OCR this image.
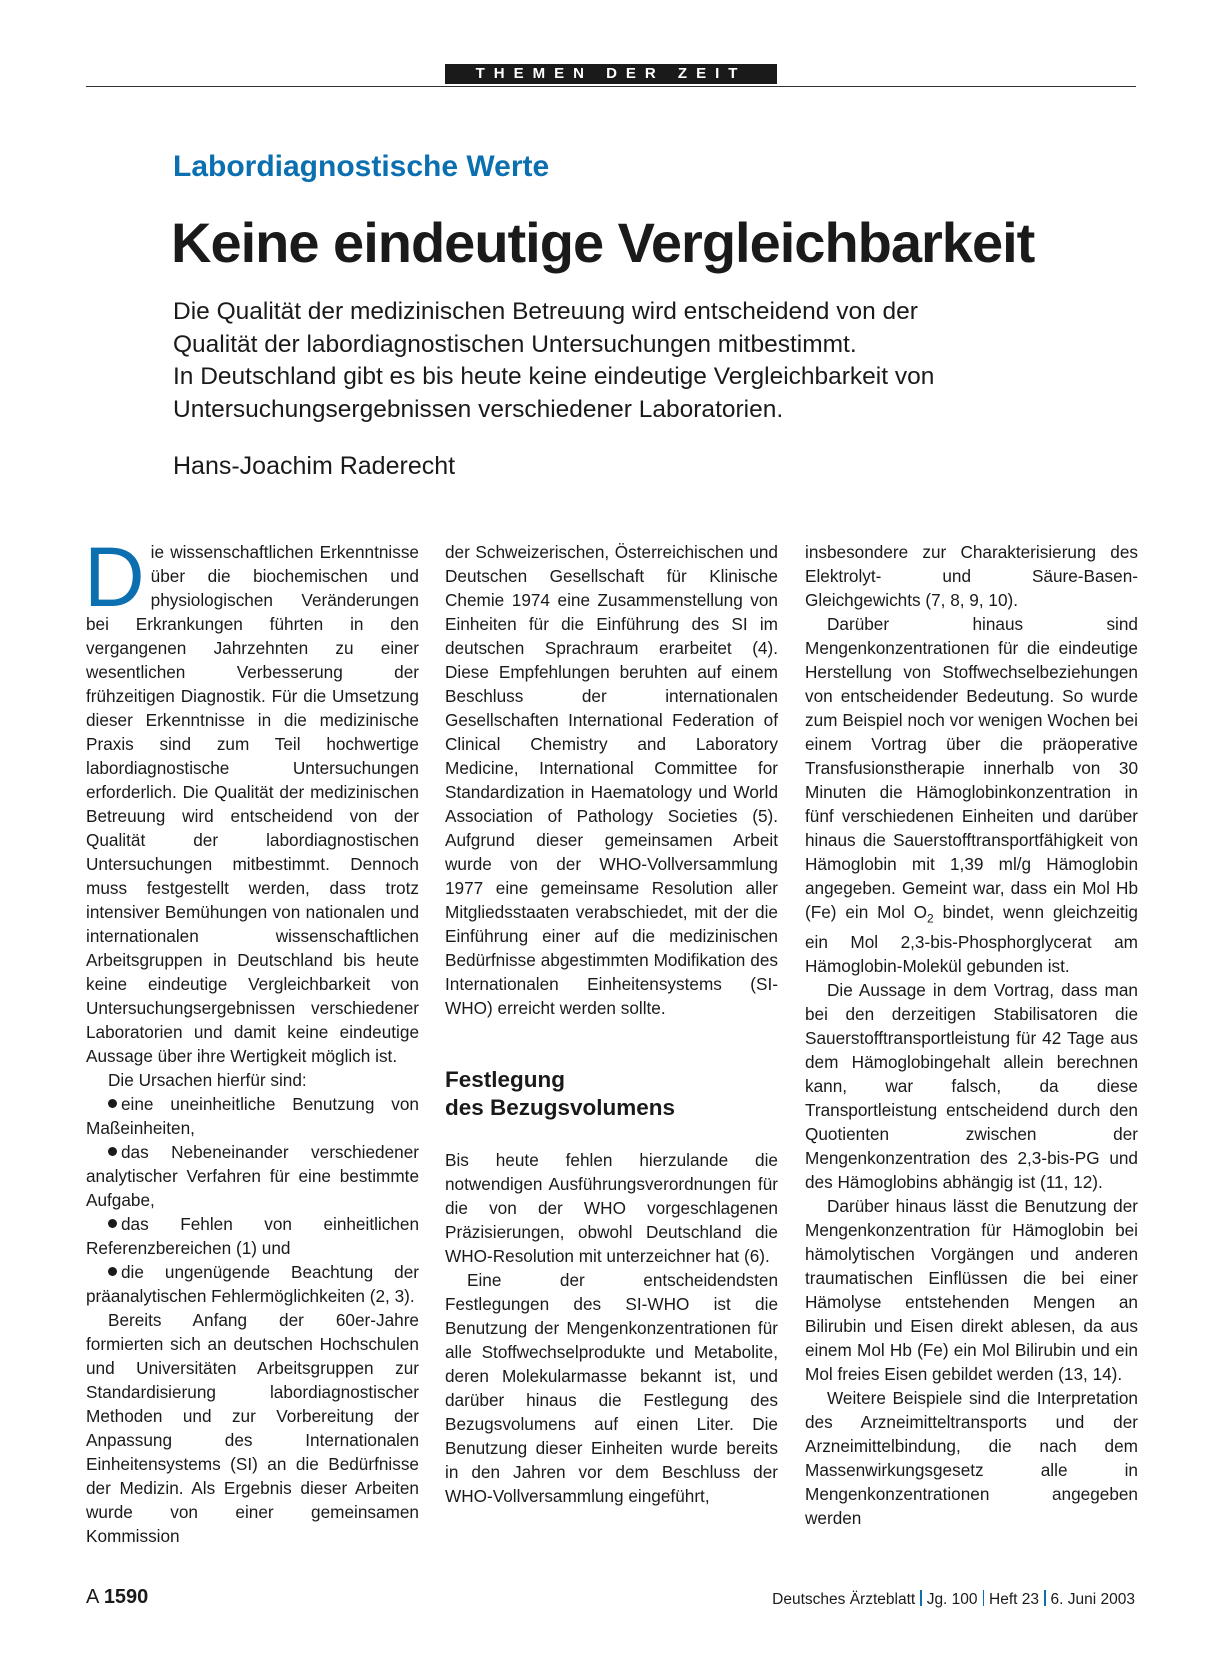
THEMEN DER ZEIT
Labordiagnostische Werte
Keine eindeutige Vergleichbarkeit
Die Qualität der medizinischen Betreuung wird entscheidend von der
Qualität der labordiagnostischen Untersuchungen mitbestimmt.
In Deutschland gibt es bis heute keine eindeutige Vergleichbarkeit von
Untersuchungsergebnissen verschiedener Laboratorien.
Hans-Joachim Raderecht

Die wissenschaftlichen Erkenntnisse über die biochemischen und physiologischen Veränderungen bei Erkrankungen führten in den vergangenen Jahrzehnten zu einer wesentlichen Verbesserung der frühzeitigen Diagnostik. Für die Umsetzung dieser Erkenntnisse in die medizinische Praxis sind zum Teil hochwertige labordiagnostische Untersuchungen erforderlich. Die Qualität der medizinischen Betreuung wird entscheidend von der Qualität der labordiagnostischen Untersuchungen mitbestimmt. Dennoch muss festgestellt werden, dass trotz intensiver Bemühungen von nationalen und internationalen wissenschaftlichen Arbeitsgruppen in Deutschland bis heute keine eindeutige Vergleichbarkeit von Untersuchungsergebnissen verschiedener Laboratorien und damit keine eindeutige Aussage über ihre Wertigkeit möglich ist.

Die Ursachen hierfür sind:

eine uneinheitliche Benutzung von Maßeinheiten,

das Nebeneinander verschiedener analytischer Verfahren für eine bestimmte Aufgabe,

das Fehlen von einheitlichen Referenzbereichen (1) und

die ungenügende Beachtung der präanalytischen Fehlermöglichkeiten (2, 3).

Bereits Anfang der 60er-Jahre formierten sich an deutschen Hochschulen und Universitäten Arbeitsgruppen zur Standardisierung labordiagnostischer Methoden und zur Vorbereitung der Anpassung des Internationalen Einheitensystems (SI) an die Bedürfnisse der Medizin. Als Ergebnis dieser Arbeiten wurde von einer gemeinsamen Kommission

der Schweizerischen, Österreichischen und Deutschen Gesellschaft für Klinische Chemie 1974 eine Zusammenstellung von Einheiten für die Einführung des SI im deutschen Sprachraum erarbeitet (4). Diese Empfehlungen beruhten auf einem Beschluss der internationalen Gesellschaften International Federation of Clinical Chemistry and Laboratory Medicine, International Committee for Standardization in Haematology und World Association of Pathology Societies (5). Aufgrund dieser gemeinsamen Arbeit wurde von der WHO-Vollversammlung 1977 eine gemeinsame Resolution aller Mitgliedsstaaten verabschiedet, mit der die Einführung einer auf die medizinischen Bedürfnisse abgestimmten Modifikation des Internationalen Einheitensystems (SI-WHO) erreicht werden sollte.

Festlegung
des Bezugsvolumens

Bis heute fehlen hierzulande die notwendigen Ausführungsverordnungen für die von der WHO vorgeschlagenen Präzisierungen, obwohl Deutschland die WHO-Resolution mit unterzeichner hat (6).

Eine der entscheidendsten Festlegungen des SI-WHO ist die Benutzung der Mengenkonzentrationen für alle Stoffwechselprodukte und Metabolite, deren Molekularmasse bekannt ist, und darüber hinaus die Festlegung des Bezugsvolumens auf einen Liter. Die Benutzung dieser Einheiten wurde bereits in den Jahren vor dem Beschluss der WHO-Vollversammlung eingeführt,

insbesondere zur Charakterisierung des Elektrolyt- und Säure-Basen-Gleichgewichts (7, 8, 9, 10).

Darüber hinaus sind Mengenkonzentrationen für die eindeutige Herstellung von Stoffwechselbeziehungen von entscheidender Bedeutung. So wurde zum Beispiel noch vor wenigen Wochen bei einem Vortrag über die präoperative Transfusionstherapie innerhalb von 30 Minuten die Hämoglobinkonzentration in fünf verschiedenen Einheiten und darüber hinaus die Sauerstofftransportfähigkeit von Hämoglobin mit 1,39 ml/g Hämoglobin angegeben. Gemeint war, dass ein Mol Hb (Fe) ein Mol $O_2$ bindet, wenn gleichzeitig ein Mol 2,3-bis-Phosphorglycerat am Hämoglobin-Molekül gebunden ist.

Die Aussage in dem Vortrag, dass man bei den derzeitigen Stabilisatoren die Sauerstofftransportleistung für 42 Tage aus dem Hämoglobingehalt allein berechnen kann, war falsch, da diese Transportleistung entscheidend durch den Quotienten zwischen der Mengenkonzentration des 2,3-bis-PG und des Hämoglobins abhängig ist (11, 12).

Darüber hinaus lässt die Benutzung der Mengenkonzentration für Hämoglobin bei hämolytischen Vorgängen und anderen traumatischen Einflüssen die bei einer Hämolyse entstehenden Mengen an Bilirubin und Eisen direkt ablesen, da aus einem Mol Hb (Fe) ein Mol Bilirubin und ein Mol freies Eisen gebildet werden (13, 14).

Weitere Beispiele sind die Interpretation des Arzneimitteltransports und der Arzneimittelbindung, die nach dem Massenwirkungsgesetz alle in Mengenkonzentrationen angegeben werden

A 1590	Deutsches Ärzteblatt Jg. 100 Heft 23 6. Juni 2003
